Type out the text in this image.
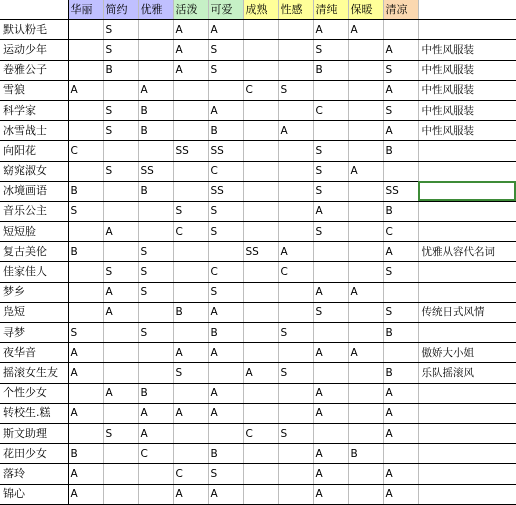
	华丽	简约	优雅	活泼	可爱	成熟	性感	清纯	保暖	清凉	
默认粉毛		S		A	A			A	A		
运动少年		S		A	S			S		A	中性风服装
卷雅公子		B		A	S			B		S	中性风服装
雪狼	A		A			C	S			A	中性风服装
科学家		S	B		A			C		S	中性风服装
冰雪战士		S	B		B		A			A	中性风服装
向阳花	C			SS	SS			S		B	
窈窕淑女		S	SS		C			S	A		
冰境画语	B		B		SS			S		SS	
音乐公主	S			S	S			A		B	
短短脸		A		C	S			S		C	
复古美伦	B		S			SS	A			A	忧雅从容代名词
佳家佳人		S	S		C		C			S	
梦乡		A	S		S			A	A		
凫短		A		B	A			S		S	传统日式风情
寻梦	S		S		B		S			B	
夜华音	A			A	A			A	A		傲娇大小姐
摇滚女生友	A			S		A	S			B	乐队摇滚风
个性少女		A	B		A			A		A	
转校生.糕	A		A	A	A			A		A	
斯文助理		S	A			C	S			A	
花田少女	B		C		B			A	B		
落玲	A			C	S			A		A	
锦心	A			A	A			A		A	
